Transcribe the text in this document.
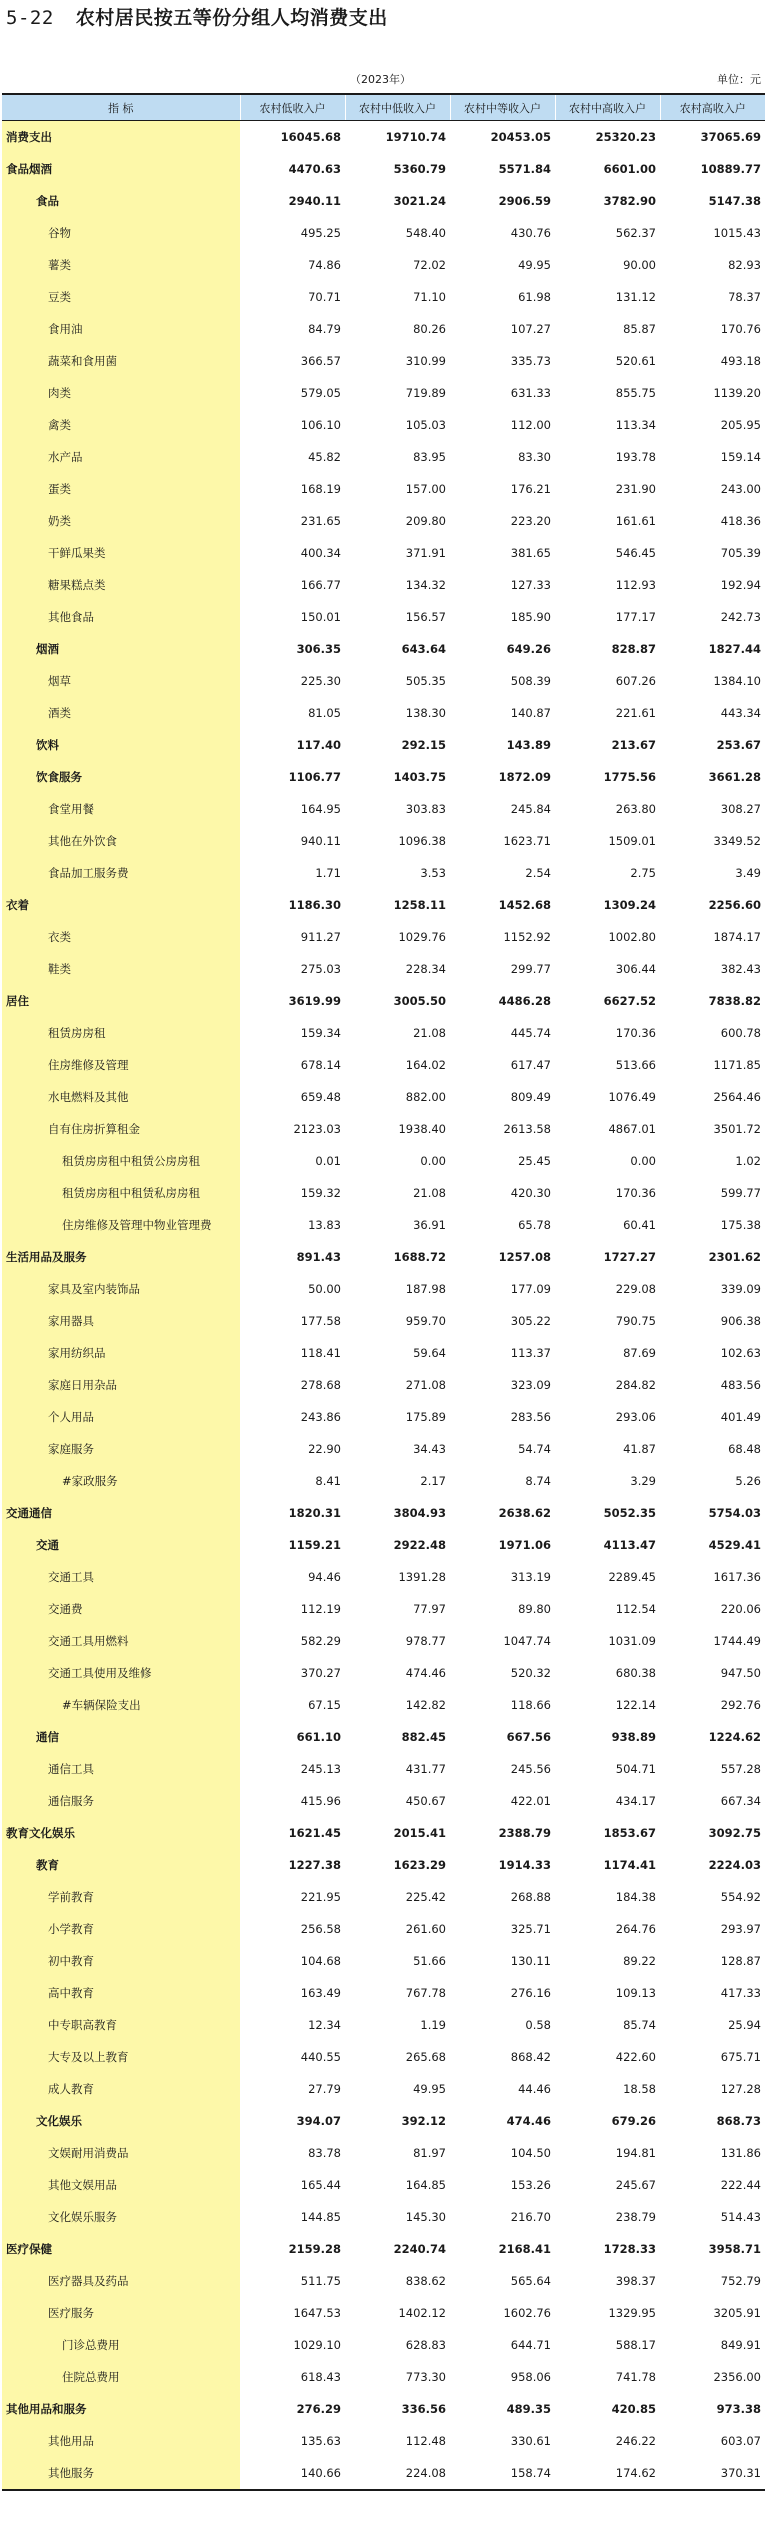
5-22 农村居民按五等份分组人均消费支出
（2023年）	单位：元
指 标	农村低收入户	农村中低收入户	农村中等收入户	农村中高收入户	农村高收入户
消费支出	16045.68	19710.74	20453.05	25320.23	37065.69
食品烟酒	4470.63	5360.79	5571.84	6601.00	10889.77
食品	2940.11	3021.24	2906.59	3782.90	5147.38
谷物	495.25	548.40	430.76	562.37	1015.43
薯类	74.86	72.02	49.95	90.00	82.93
豆类	70.71	71.10	61.98	131.12	78.37
食用油	84.79	80.26	107.27	85.87	170.76
蔬菜和食用菌	366.57	310.99	335.73	520.61	493.18
肉类	579.05	719.89	631.33	855.75	1139.20
禽类	106.10	105.03	112.00	113.34	205.95
水产品	45.82	83.95	83.30	193.78	159.14
蛋类	168.19	157.00	176.21	231.90	243.00
奶类	231.65	209.80	223.20	161.61	418.36
干鲜瓜果类	400.34	371.91	381.65	546.45	705.39
糖果糕点类	166.77	134.32	127.33	112.93	192.94
其他食品	150.01	156.57	185.90	177.17	242.73
烟酒	306.35	643.64	649.26	828.87	1827.44
烟草	225.30	505.35	508.39	607.26	1384.10
酒类	81.05	138.30	140.87	221.61	443.34
饮料	117.40	292.15	143.89	213.67	253.67
饮食服务	1106.77	1403.75	1872.09	1775.56	3661.28
食堂用餐	164.95	303.83	245.84	263.80	308.27
其他在外饮食	940.11	1096.38	1623.71	1509.01	3349.52
食品加工服务费	1.71	3.53	2.54	2.75	3.49
衣着	1186.30	1258.11	1452.68	1309.24	2256.60
衣类	911.27	1029.76	1152.92	1002.80	1874.17
鞋类	275.03	228.34	299.77	306.44	382.43
居住	3619.99	3005.50	4486.28	6627.52	7838.82
租赁房房租	159.34	21.08	445.74	170.36	600.78
住房维修及管理	678.14	164.02	617.47	513.66	1171.85
水电燃料及其他	659.48	882.00	809.49	1076.49	2564.46
自有住房折算租金	2123.03	1938.40	2613.58	4867.01	3501.72
租赁房房租中租赁公房房租	0.01	0.00	25.45	0.00	1.02
租赁房房租中租赁私房房租	159.32	21.08	420.30	170.36	599.77
住房维修及管理中物业管理费	13.83	36.91	65.78	60.41	175.38
生活用品及服务	891.43	1688.72	1257.08	1727.27	2301.62
家具及室内装饰品	50.00	187.98	177.09	229.08	339.09
家用器具	177.58	959.70	305.22	790.75	906.38
家用纺织品	118.41	59.64	113.37	87.69	102.63
家庭日用杂品	278.68	271.08	323.09	284.82	483.56
个人用品	243.86	175.89	283.56	293.06	401.49
家庭服务	22.90	34.43	54.74	41.87	68.48
#家政服务	8.41	2.17	8.74	3.29	5.26
交通通信	1820.31	3804.93	2638.62	5052.35	5754.03
交通	1159.21	2922.48	1971.06	4113.47	4529.41
交通工具	94.46	1391.28	313.19	2289.45	1617.36
交通费	112.19	77.97	89.80	112.54	220.06
交通工具用燃料	582.29	978.77	1047.74	1031.09	1744.49
交通工具使用及维修	370.27	474.46	520.32	680.38	947.50
#车辆保险支出	67.15	142.82	118.66	122.14	292.76
通信	661.10	882.45	667.56	938.89	1224.62
通信工具	245.13	431.77	245.56	504.71	557.28
通信服务	415.96	450.67	422.01	434.17	667.34
教育文化娱乐	1621.45	2015.41	2388.79	1853.67	3092.75
教育	1227.38	1623.29	1914.33	1174.41	2224.03
学前教育	221.95	225.42	268.88	184.38	554.92
小学教育	256.58	261.60	325.71	264.76	293.97
初中教育	104.68	51.66	130.11	89.22	128.87
高中教育	163.49	767.78	276.16	109.13	417.33
中专职高教育	12.34	1.19	0.58	85.74	25.94
大专及以上教育	440.55	265.68	868.42	422.60	675.71
成人教育	27.79	49.95	44.46	18.58	127.28
文化娱乐	394.07	392.12	474.46	679.26	868.73
文娱耐用消费品	83.78	81.97	104.50	194.81	131.86
其他文娱用品	165.44	164.85	153.26	245.67	222.44
文化娱乐服务	144.85	145.30	216.70	238.79	514.43
医疗保健	2159.28	2240.74	2168.41	1728.33	3958.71
医疗器具及药品	511.75	838.62	565.64	398.37	752.79
医疗服务	1647.53	1402.12	1602.76	1329.95	3205.91
门诊总费用	1029.10	628.83	644.71	588.17	849.91
住院总费用	618.43	773.30	958.06	741.78	2356.00
其他用品和服务	276.29	336.56	489.35	420.85	973.38
其他用品	135.63	112.48	330.61	246.22	603.07
其他服务	140.66	224.08	158.74	174.62	370.31
